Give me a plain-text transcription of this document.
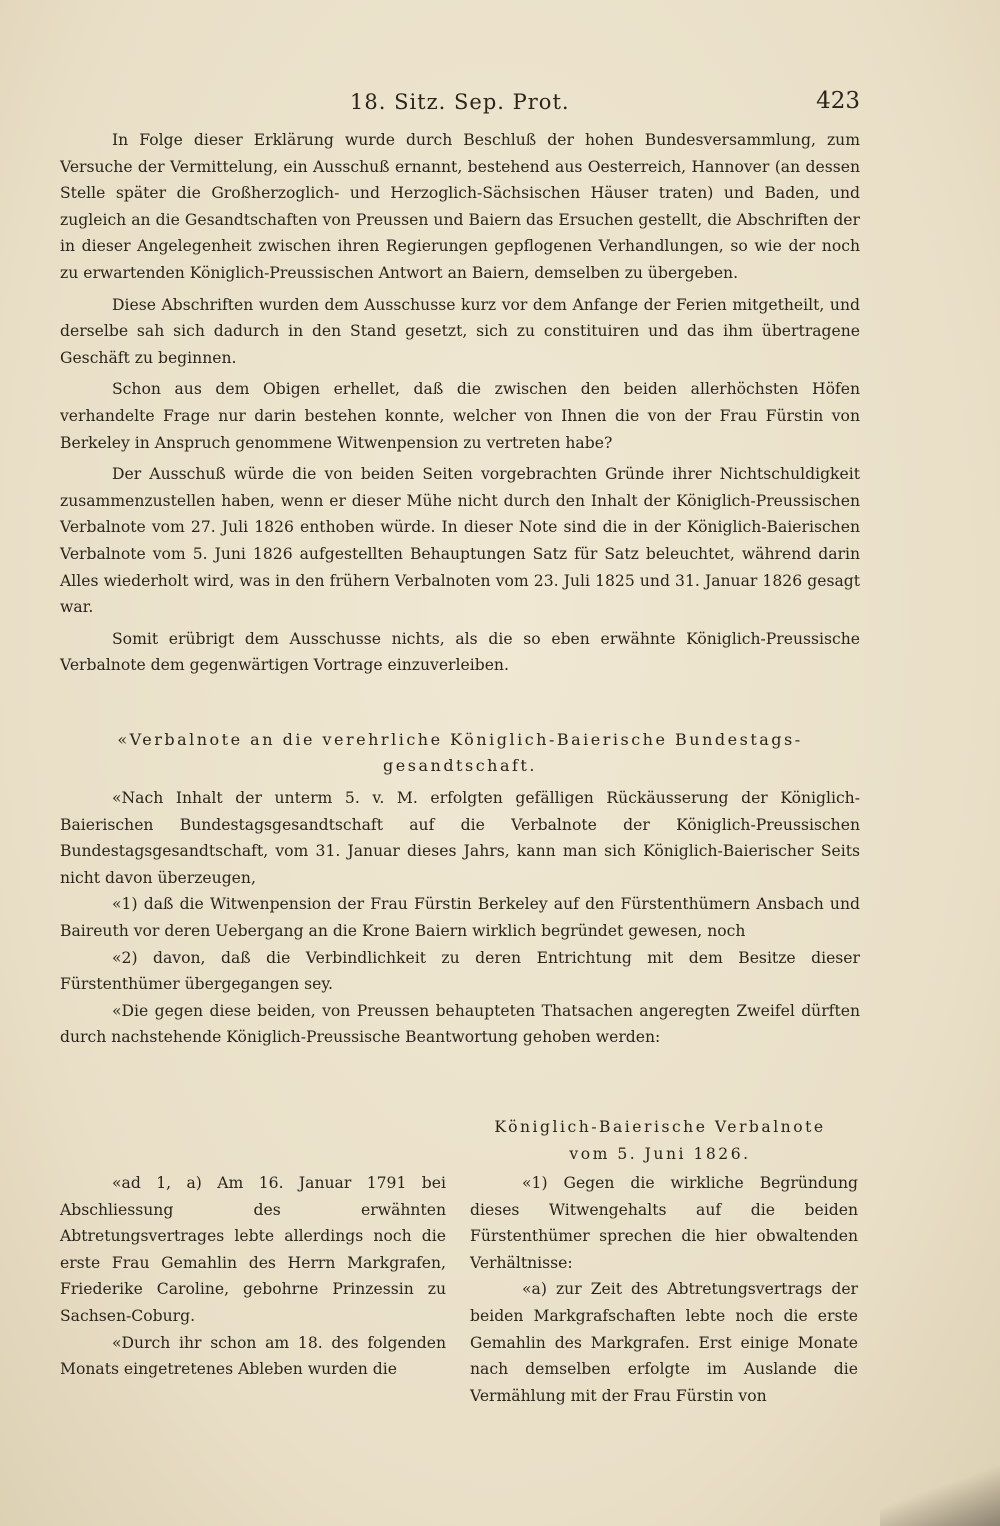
18. Sitz. Sep. Prot.	423

In Folge dieser Erklärung wurde durch Beschluß der hohen Bundesversammlung, zum Versuche der Vermittelung, ein Ausschuß ernannt, bestehend aus Oesterreich, Hannover (an dessen Stelle später die Großherzoglich- und Herzoglich-Sächsischen Häuser traten) und Baden, und zugleich an die Gesandtschaften von Preussen und Baiern das Ersuchen gestellt, die Abschriften der in dieser Angelegenheit zwischen ihren Regierungen gepflogenen Verhandlungen, so wie der noch zu erwartenden Königlich-Preussischen Antwort an Baiern, demselben zu übergeben.

Diese Abschriften wurden dem Ausschusse kurz vor dem Anfange der Ferien mitgetheilt, und derselbe sah sich dadurch in den Stand gesetzt, sich zu constituiren und das ihm übertragene Geschäft zu beginnen.

Schon aus dem Obigen erhellet, daß die zwischen den beiden allerhöchsten Höfen verhandelte Frage nur darin bestehen konnte, welcher von Ihnen die von der Frau Fürstin von Berkeley in Anspruch genommene Witwenpension zu vertreten habe?

Der Ausschuß würde die von beiden Seiten vorgebrachten Gründe ihrer Nichtschuldigkeit zusammenzustellen haben, wenn er dieser Mühe nicht durch den Inhalt der Königlich-Preussischen Verbalnote vom 27. Juli 1826 enthoben würde. In dieser Note sind die in der Königlich-Baierischen Verbalnote vom 5. Juni 1826 aufgestellten Behauptungen Satz für Satz beleuchtet, während darin Alles wiederholt wird, was in den frühern Verbalnoten vom 23. Juli 1825 und 31. Januar 1826 gesagt war.

Somit erübrigt dem Ausschusse nichts, als die so eben erwähnte Königlich-Preussische Verbalnote dem gegenwärtigen Vortrage einzuverleiben.

«Verbalnote an die verehrliche Königlich-Baierische Bundestags-gesandtschaft.

«Nach Inhalt der unterm 5. v. M. erfolgten gefälligen Rückäusserung der Königlich-Baierischen Bundestagsgesandtschaft auf die Verbalnote der Königlich-Preussischen Bundestagsgesandtschaft, vom 31. Januar dieses Jahrs, kann man sich Königlich-Baierischer Seits nicht davon überzeugen,

«1) daß die Witwenpension der Frau Fürstin Berkeley auf den Fürstenthümern Ansbach und Baireuth vor deren Uebergang an die Krone Baiern wirklich begründet gewesen, noch

«2) davon, daß die Verbindlichkeit zu deren Entrichtung mit dem Besitze dieser Fürstenthümer übergegangen sey.

«Die gegen diese beiden, von Preussen behaupteten Thatsachen angeregten Zweifel dürften durch nachstehende Königlich-Preussische Beantwortung gehoben werden:

Königlich-Baierische Verbalnote
vom 5. Juni 1826.

«ad 1, a) Am 16. Januar 1791 bei Abschliessung des erwähnten Abtretungsvertrages lebte allerdings noch die erste Frau Gemahlin des Herrn Markgrafen, Friederike Caroline, gebohrne Prinzessin zu Sachsen-Coburg.

«Durch ihr schon am 18. des folgenden Monats eingetretenes Ableben wurden die

«1) Gegen die wirkliche Begründung dieses Witwengehalts auf die beiden Fürstenthümer sprechen die hier obwaltenden Verhältnisse:

«a) zur Zeit des Abtretungsvertrags der beiden Markgrafschaften lebte noch die erste Gemahlin des Markgrafen. Erst einige Monate nach demselben erfolgte im Auslande die Vermählung mit der Frau Fürstin von
